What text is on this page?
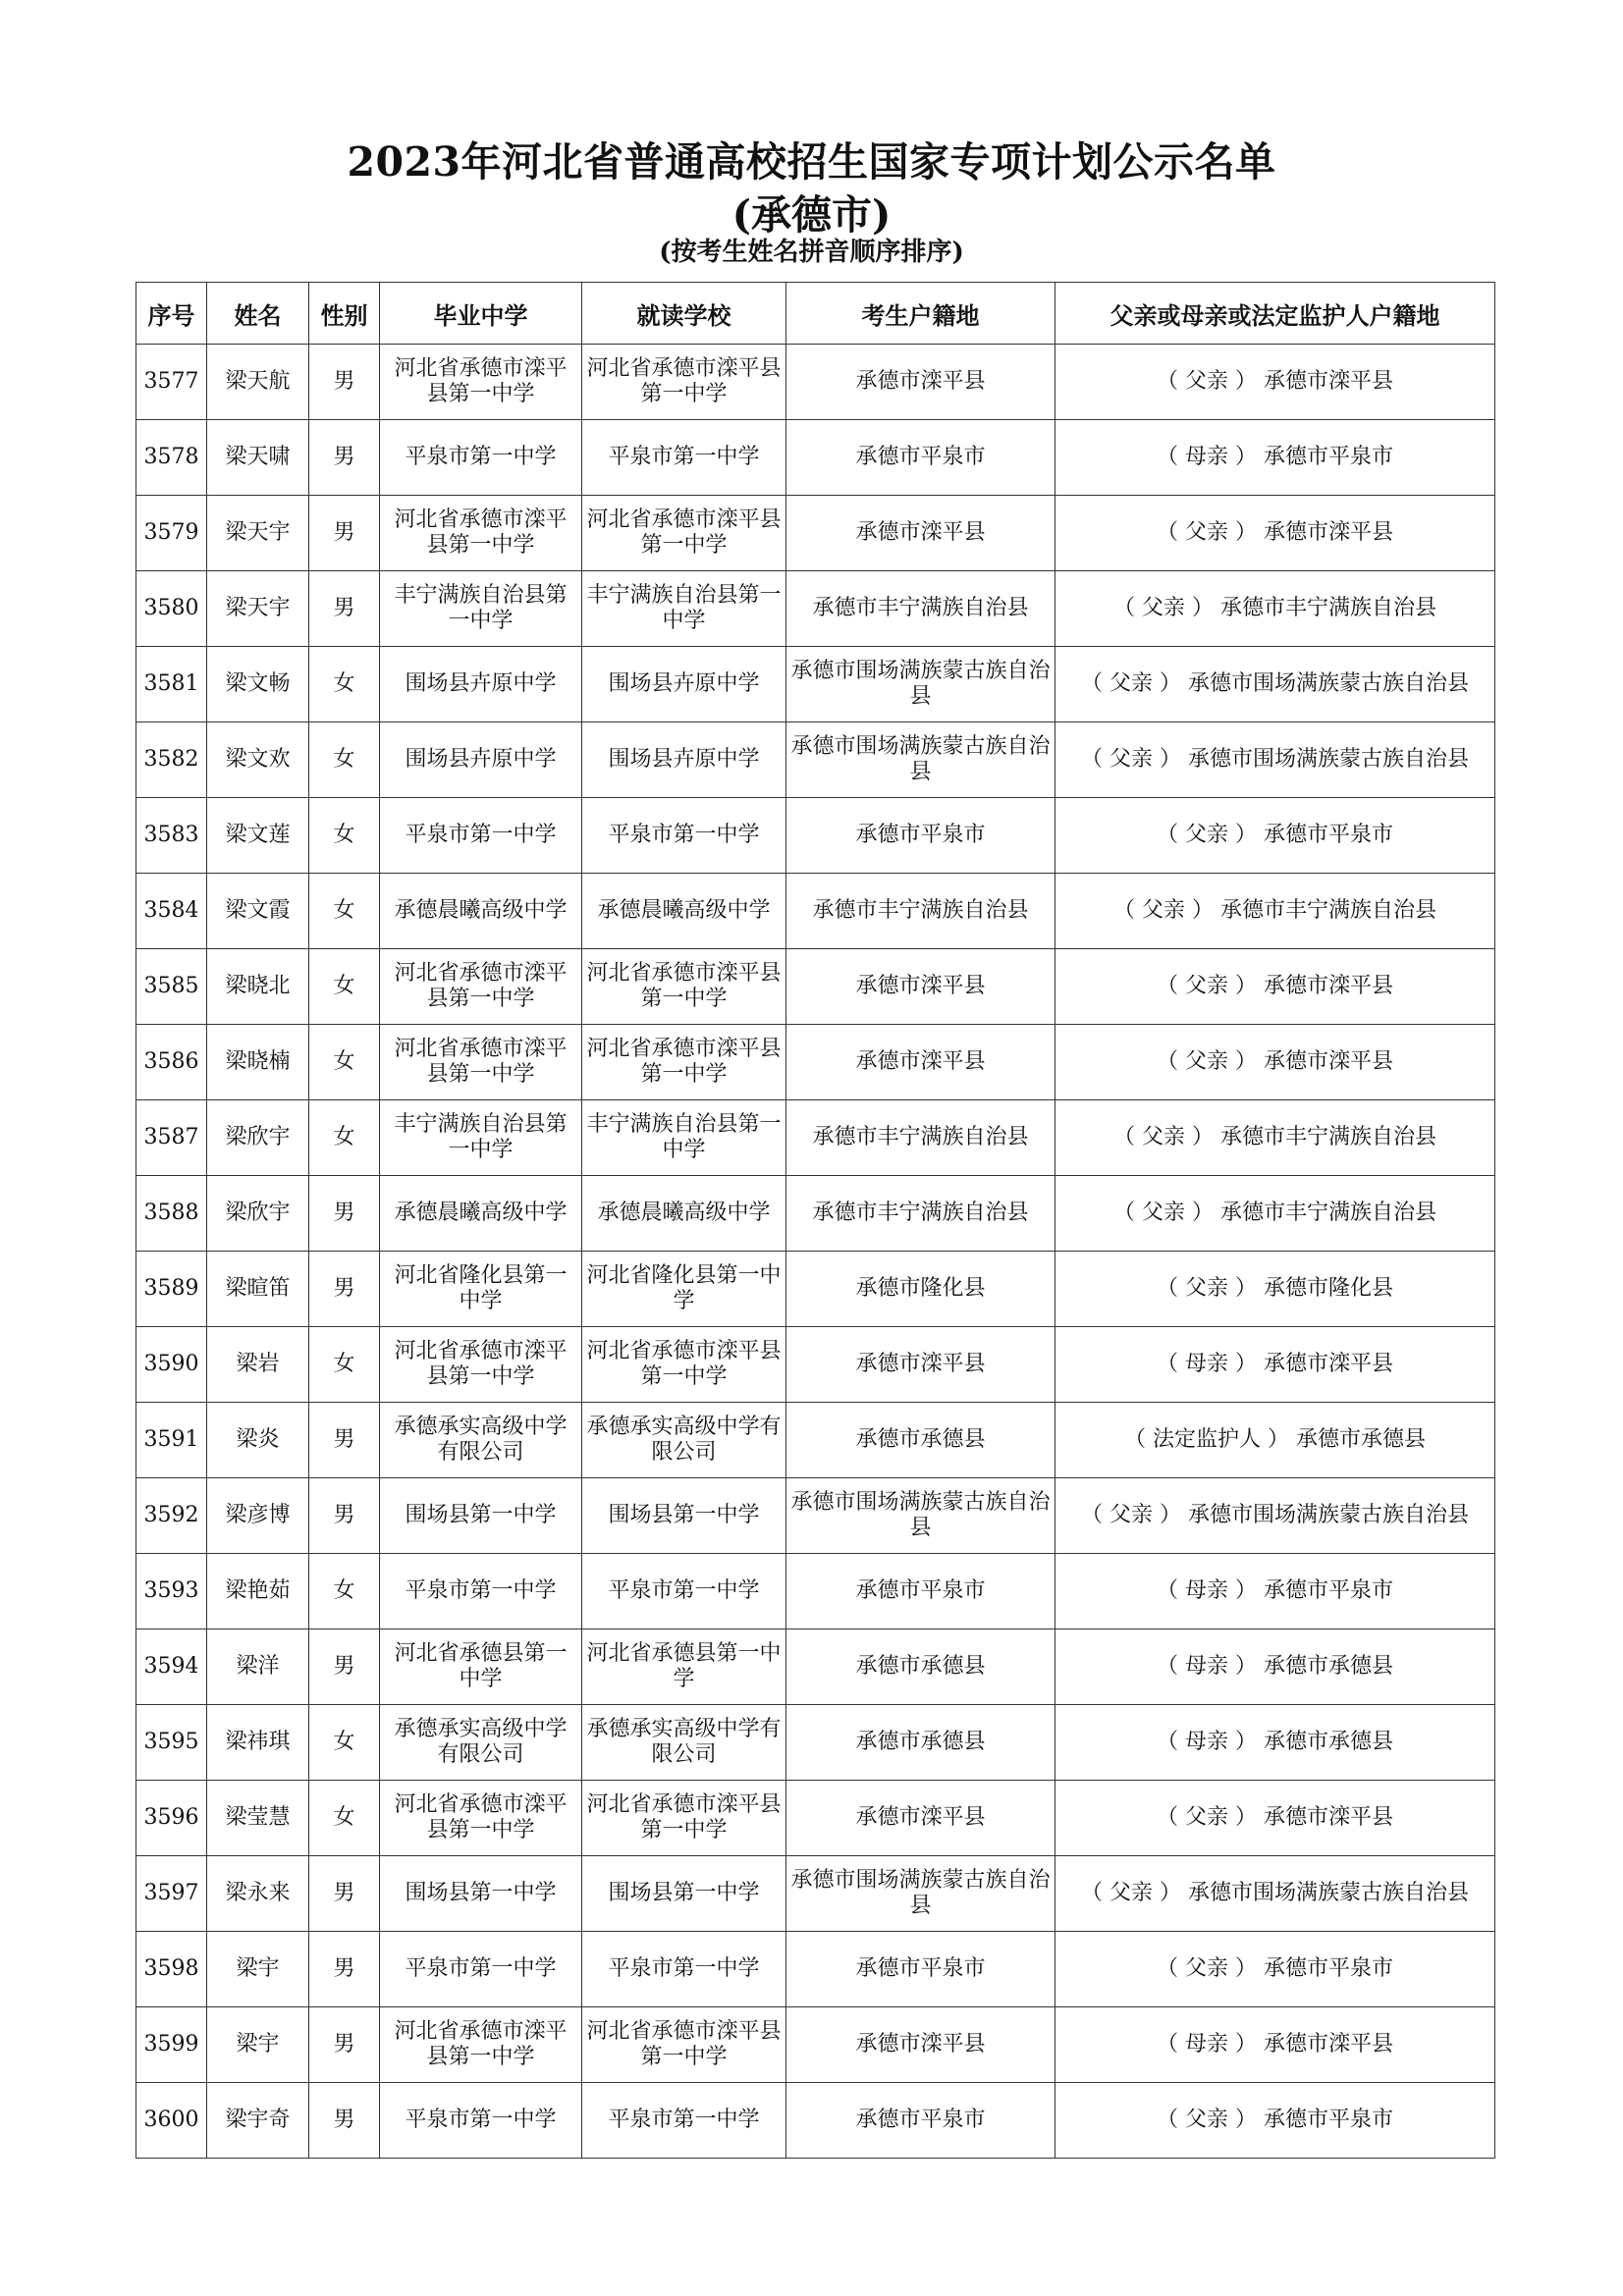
2023年河北省普通高校招生国家专项计划公示名单
(承德市)
(按考生姓名拼音顺序排序)
序号	姓名	性别	毕业中学	就读学校	考生户籍地	父亲或母亲或法定监护人户籍地
3577	梁天航	男	河北省承德市滦平县第一中学	河北省承德市滦平县第一中学	承德市滦平县	（ 父亲 ） 承德市滦平县
3578	梁天啸	男	平泉市第一中学	平泉市第一中学	承德市平泉市	（ 母亲 ） 承德市平泉市
3579	梁天宇	男	河北省承德市滦平县第一中学	河北省承德市滦平县第一中学	承德市滦平县	（ 父亲 ） 承德市滦平县
3580	梁天宇	男	丰宁满族自治县第一中学	丰宁满族自治县第一中学	承德市丰宁满族自治县	（ 父亲 ） 承德市丰宁满族自治县
3581	梁文畅	女	围场县卉原中学	围场县卉原中学	承德市围场满族蒙古族自治县	（ 父亲 ） 承德市围场满族蒙古族自治县
3582	梁文欢	女	围场县卉原中学	围场县卉原中学	承德市围场满族蒙古族自治县	（ 父亲 ） 承德市围场满族蒙古族自治县
3583	梁文莲	女	平泉市第一中学	平泉市第一中学	承德市平泉市	（ 父亲 ） 承德市平泉市
3584	梁文霞	女	承德晨曦高级中学	承德晨曦高级中学	承德市丰宁满族自治县	（ 父亲 ） 承德市丰宁满族自治县
3585	梁晓北	女	河北省承德市滦平县第一中学	河北省承德市滦平县第一中学	承德市滦平县	（ 父亲 ） 承德市滦平县
3586	梁晓楠	女	河北省承德市滦平县第一中学	河北省承德市滦平县第一中学	承德市滦平县	（ 父亲 ） 承德市滦平县
3587	梁欣宇	女	丰宁满族自治县第一中学	丰宁满族自治县第一中学	承德市丰宁满族自治县	（ 父亲 ） 承德市丰宁满族自治县
3588	梁欣宇	男	承德晨曦高级中学	承德晨曦高级中学	承德市丰宁满族自治县	（ 父亲 ） 承德市丰宁满族自治县
3589	梁暄笛	男	河北省隆化县第一中学	河北省隆化县第一中学	承德市隆化县	（ 父亲 ） 承德市隆化县
3590	梁岩	女	河北省承德市滦平县第一中学	河北省承德市滦平县第一中学	承德市滦平县	（ 母亲 ） 承德市滦平县
3591	梁炎	男	承德承实高级中学有限公司	承德承实高级中学有限公司	承德市承德县	（ 法定监护人 ） 承德市承德县
3592	梁彦博	男	围场县第一中学	围场县第一中学	承德市围场满族蒙古族自治县	（ 父亲 ） 承德市围场满族蒙古族自治县
3593	梁艳茹	女	平泉市第一中学	平泉市第一中学	承德市平泉市	（ 母亲 ） 承德市平泉市
3594	梁洋	男	河北省承德县第一中学	河北省承德县第一中学	承德市承德县	（ 母亲 ） 承德市承德县
3595	梁祎琪	女	承德承实高级中学有限公司	承德承实高级中学有限公司	承德市承德县	（ 母亲 ） 承德市承德县
3596	梁莹慧	女	河北省承德市滦平县第一中学	河北省承德市滦平县第一中学	承德市滦平县	（ 父亲 ） 承德市滦平县
3597	梁永来	男	围场县第一中学	围场县第一中学	承德市围场满族蒙古族自治县	（ 父亲 ） 承德市围场满族蒙古族自治县
3598	梁宇	男	平泉市第一中学	平泉市第一中学	承德市平泉市	（ 父亲 ） 承德市平泉市
3599	梁宇	男	河北省承德市滦平县第一中学	河北省承德市滦平县第一中学	承德市滦平县	（ 母亲 ） 承德市滦平县
3600	梁宇奇	男	平泉市第一中学	平泉市第一中学	承德市平泉市	（ 父亲 ） 承德市平泉市
